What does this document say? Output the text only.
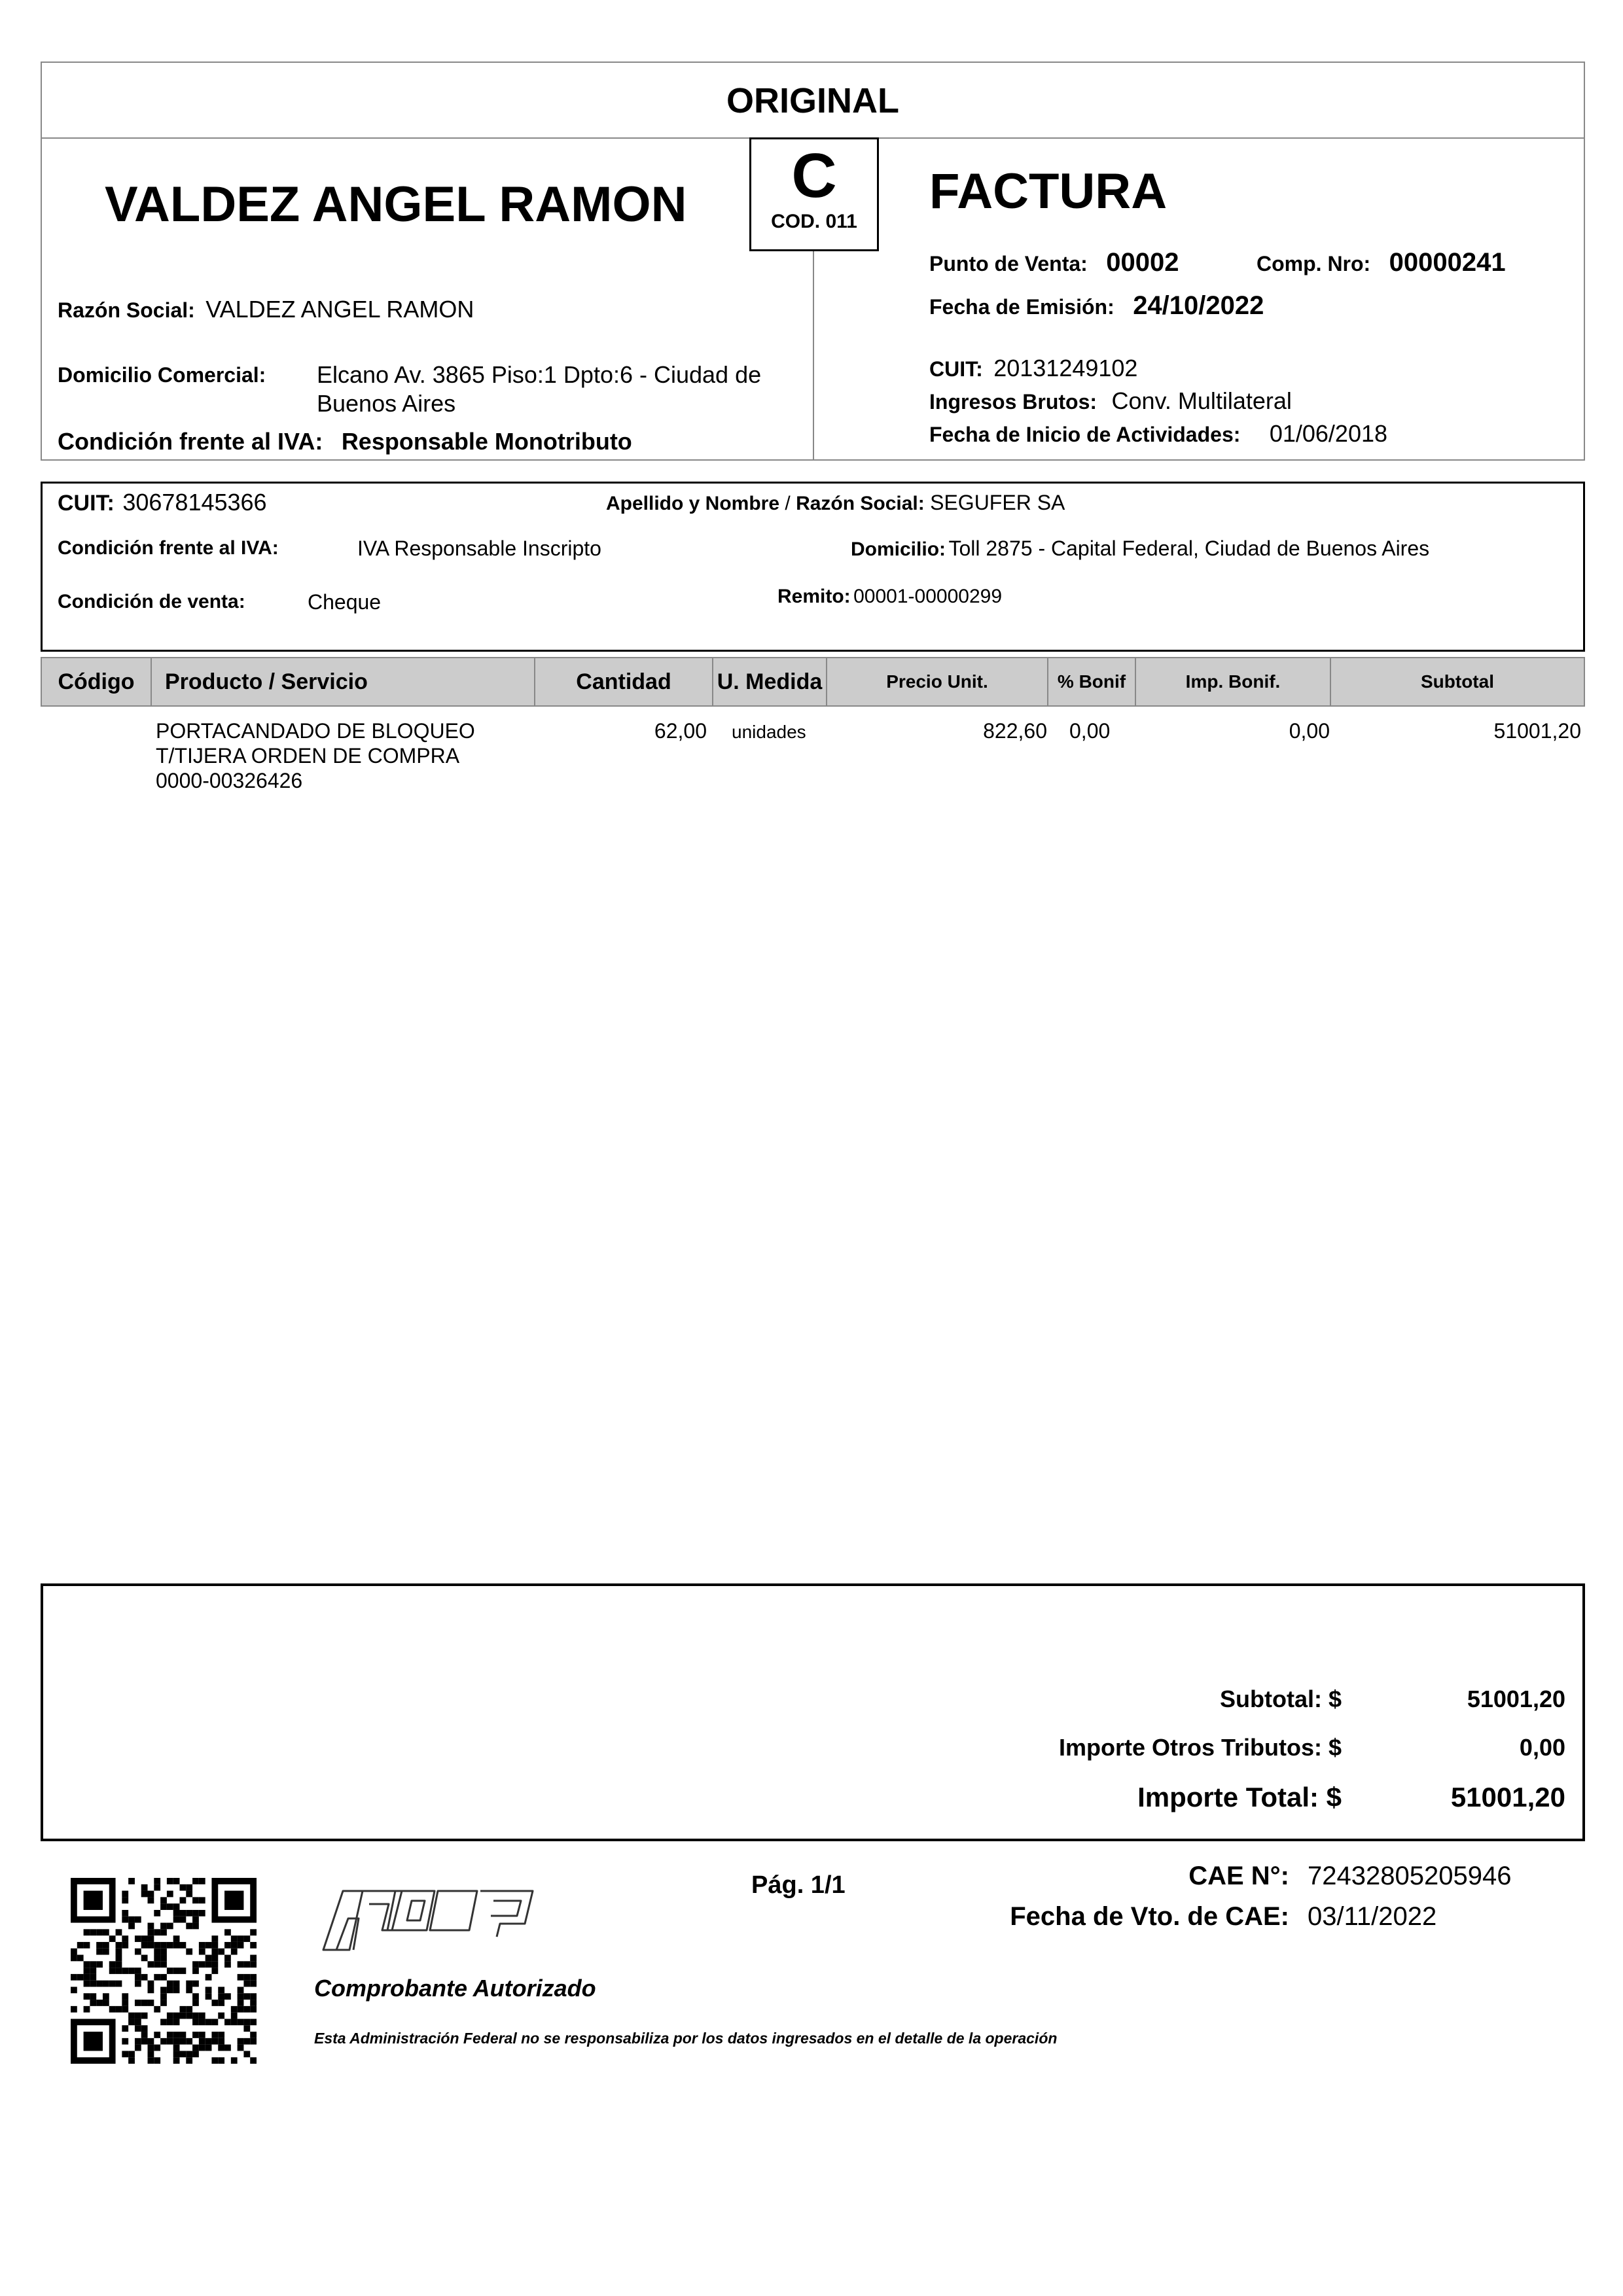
ORIGINAL
C
COD. 011
VALDEZ ANGEL RAMON	FACTURA
Punto de Venta: 00002	Comp. Nro: 00000241
Fecha de Emisión: 24/10/2022
Razón Social: VALDEZ ANGEL RAMON
Domicilio Comercial: Elcano Av. 3865 Piso:1 Dpto:6 - Ciudad de
Buenos Aires
Condición frente al IVA: Responsable Monotributo
CUIT: 20131249102
Ingresos Brutos: Conv. Multilateral
Fecha de Inicio de Actividades: 01/06/2018
CUIT: 30678145366	Apellido y Nombre / Razón Social: SEGUFER SA
Condición frente al IVA:	IVA Responsable Inscripto	Domicilio: Toll 2875 - Capital Federal, Ciudad de Buenos Aires
Condición de venta:	Cheque	Remito: 00001-00000299
Código	Producto / Servicio	Cantidad	U. Medida	Precio Unit.	% Bonif	Imp. Bonif.	Subtotal
PORTACANDADO DE BLOQUEO
T/TIJERA ORDEN DE COMPRA
0000-00326426
62,00 unidades	822,60 0,00	0,00	51001,20
Subtotal: $	51001,20
Importe Otros Tributos: $	0,00
Importe Total: $	51001,20
Pág. 1/1	CAE N°: 72432805205946
Fecha de Vto. de CAE: 03/11/2022
Comprobante Autorizado
Esta Administración Federal no se responsabiliza por los datos ingresados en el detalle de la operación
